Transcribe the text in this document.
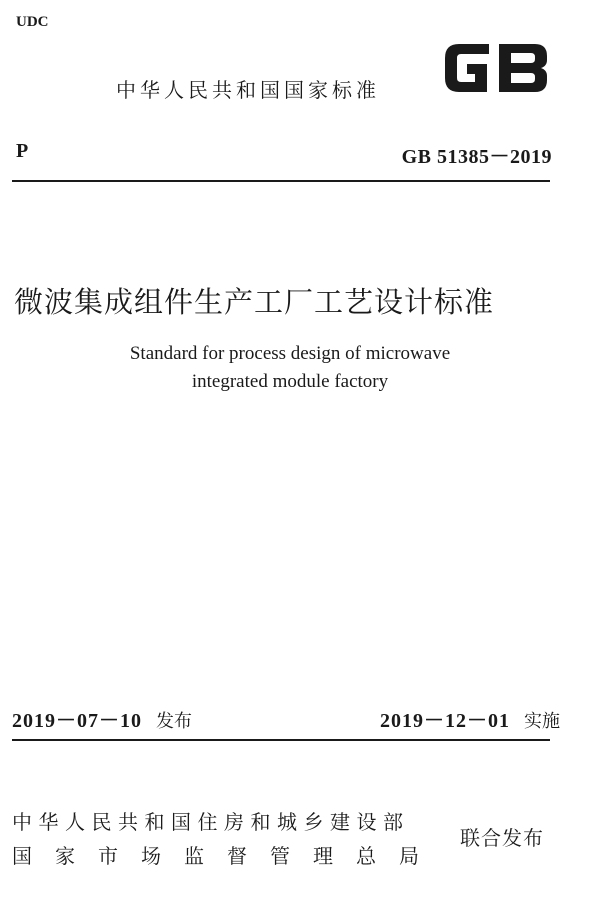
UDC
中华人民共和国国家标准
P	GB 51385－2019
微波集成组件生产工厂工艺设计标准
Standard for process design of microwave
integrated module factory
2019－07－10 发布	2019－12－01 实施
中华人民共和国住房和城乡建设部
国家市场监督管理总局
联合发布
